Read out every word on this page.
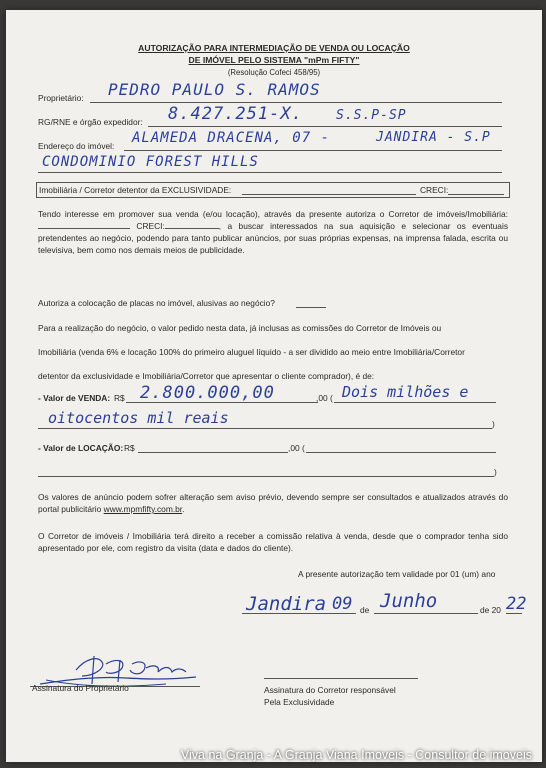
AUTORIZAÇÃO PARA INTERMEDIAÇÃO DE VENDA OU LOCAÇÃO
DE IMÓVEL PELO SISTEMA "mPm FIFTY"
(Resolução Cofeci 458/95)
Proprietário: PEDRO PAULO S. RAMOS
RG/RNE e órgão expedidor: 8.427.251-X.	S.S.P-SP
Endereço do imóvel: ALAMEDA DRACENA, 07 -	JANDIRA - S.P
CONDOMINIO FOREST HILLS
Imobiliária / Corretor detentor da EXCLUSIVIDADE:	CRECI:
Tendo interesse em promover sua venda (e/ou locação), através da presente autoriza o Corretor de imóveis/Imobiliária: CRECI:	, a buscar interessados na sua aquisição e selecionar os eventuais pretendentes ao negócio, podendo para tanto publicar anúncios, por suas próprias expensas, na imprensa falada, escrita ou televisiva, bem como nos demais meios de publicidade.
Autoriza a colocação de placas no imóvel, alusivas ao negócio?
Para a realização do negócio, o valor pedido nesta data, já inclusas as comissões do Corretor de Imóveis ou
Imobiliária (venda 6% e locação 100% do primeiro aluguel líquido - a ser dividido ao meio entre Imobiliária/Corretor
detentor da exclusividade e Imobiliária/Corretor que apresentar o cliente comprador), é de:
- Valor de VENDA: R$ 2.800.000,00	,00 ( Dois milhões e
oitocentos mil reais	)
- Valor de LOCAÇÃO: R$	,00 (
)
Os valores de anúncio podem sofrer alteração sem aviso prévio, devendo sempre ser consultados e atualizados através do portal publicitário www.mpmfifty.com.br.
O Corretor de imóveis / Imobiliária terá direito a receber a comissão relativa à venda, desde que o comprador tenha sido apresentado por ele, com registro da visita (data e dados do cliente).
A presente autorização tem validade por 01 (um) ano
Jandira 09 de Junho	de 20 22
Assinatura do Proprietário	Assinatura do Corretor responsável
Pela Exclusividade
Viva na Granja - A Granja Viana Imoveis - Consultor de imoveis
